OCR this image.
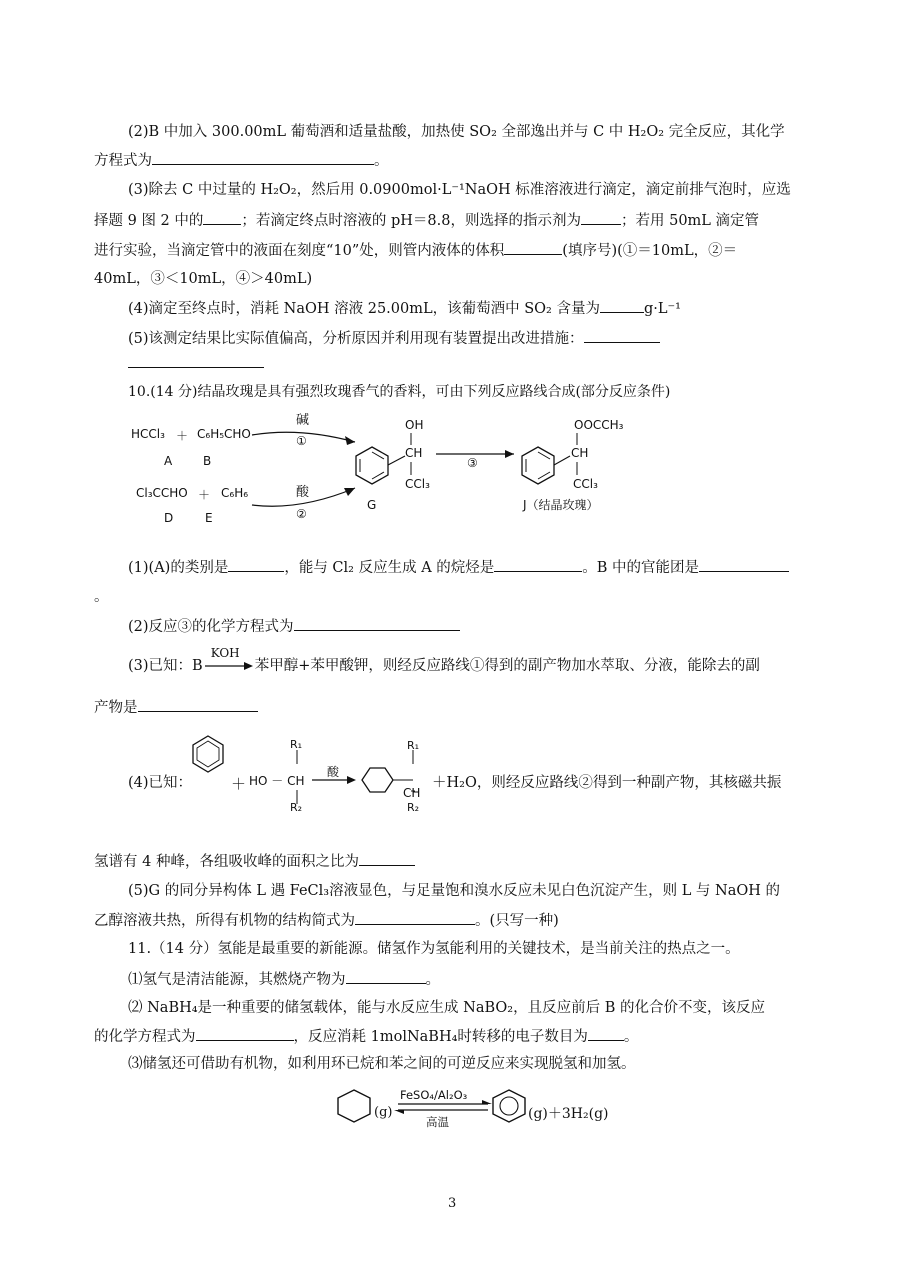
(2)B 中加入 300.00mL 葡萄酒和适量盐酸，加热使 SO₂ 全部逸出并与 C 中 H₂O₂ 完全反应，其化学
方程式为	。
(3)除去 C 中过量的 H₂O₂，然后用 0.0900mol·L⁻¹NaOH 标准溶液进行滴定，滴定前排气泡时，应选
择题 9 图 2 中的	；若滴定终点时溶液的 pH＝8.8，则选择的指示剂为	；若用 50mL 滴定管
进行实验，当滴定管中的液面在刻度“10”处，则管内液体的体积	(填序号)(①＝10mL，②＝
40mL，③＜10mL，④＞40mL)
(4)滴定至终点时，消耗 NaOH 溶液 25.00mL，该葡萄酒中 SO₂ 含量为	g·L⁻¹
(5)该测定结果比实际值偏高，分析原因并利用现有装置提出改进措施：
10.(14 分)结晶玫瑰是具有强烈玫瑰香气的香料，可由下列反应路线合成(部分反应条件)
HCCl₃ ＋ C₆H₅CHO
A	B
碱
①
Cl₃CCHO ＋ C₆H₆
D	E
酸
②
OH
CH
CCl₃
G
③
OOCCH₃
CH
CCl₃
J（结晶玫瑰）
(1)(A)的类别是	，能与 Cl₂ 反应生成 A 的烷烃是	。B 中的官能团是
。
(2)反应③的化学方程式为
(3)已知：B
KOH
苯甲醇+苯甲酸钾，则经反应路线①得到的副产物加水萃取、分液，能除去的副
产物是
(4)已知：	＋ HO － CH
R₁
R₂
酸
R₁
CH
R₂
＋H₂O，则经反应路线②得到一种副产物，其核磁共振
氢谱有 4 种峰，各组吸收峰的面积之比为
(5)G 的同分异构体 L 遇 FeCl₃溶液显色，与足量饱和溴水反应未见白色沉淀产生，则 L 与 NaOH 的
乙醇溶液共热，所得有机物的结构简式为	。(只写一种)
11.（14 分）氢能是最重要的新能源。储氢作为氢能利用的关键技术，是当前关注的热点之一。
⑴氢气是清洁能源，其燃烧产物为	。
⑵ NaBH₄是一种重要的储氢载体，能与水反应生成 NaBO₂，且反应前后 B 的化合价不变，该反应
的化学方程式为	，反应消耗 1molNaBH₄时转移的电子数目为 。
⑶储氢还可借助有机物，如利用环已烷和苯之间的可逆反应来实现脱氢和加氢。
(g)
FeSO₄/Al₂O₃
高温	(g)＋3H₂(g)
3
